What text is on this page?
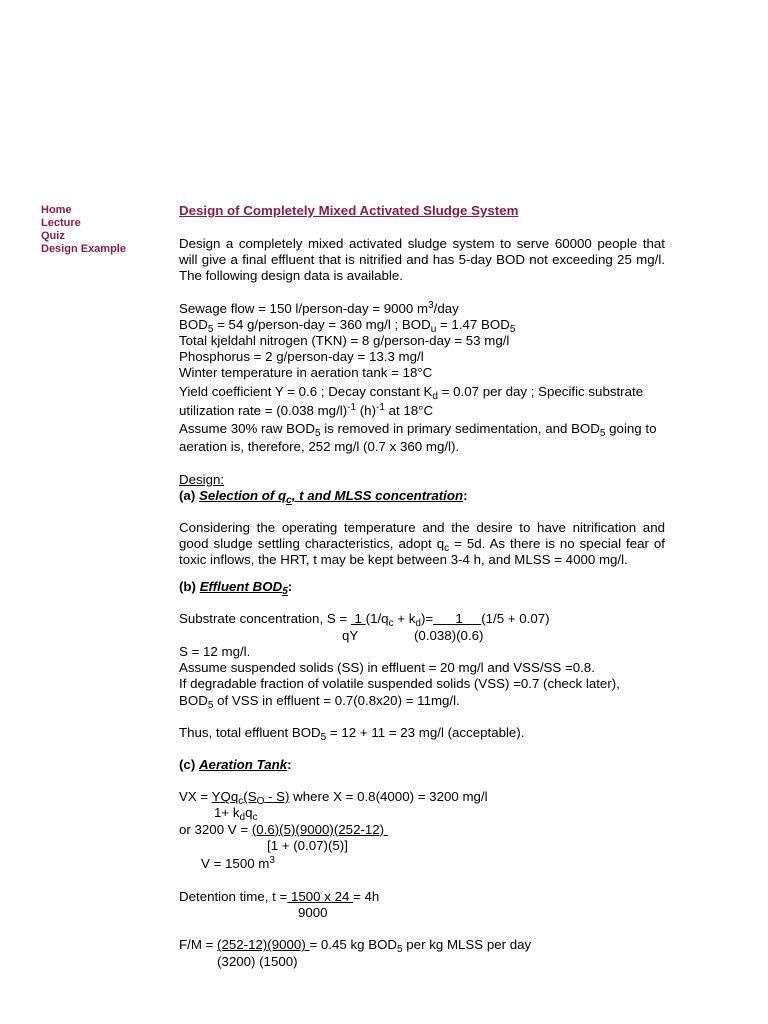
Home
Lecture
Quiz
Design Example
Design of Completely Mixed Activated Sludge System

Design a completely mixed activated sludge system to serve 60000 people that will give a final effluent that is nitrified and has 5-day BOD not exceeding 25 mg/l. The following design data is available.

Sewage flow = 150 l/person-day = 9000 $m^3$/day

$BOD_5 = 54$ g/person-day = 360 mg/l ; $BOD_u = 1.47$ $BOD_5$

Total kjeldahl nitrogen (TKN) = 8 g/person-day = 53 mg/l

Phosphorus = 2 g/person-day = 13.3 mg/l

Winter temperature in aeration tank = 18°C

Yield coefficient Y = 0.6 ; Decay constant $K_d = 0.07$ per day ; Specific substrate utilization rate = (0.038 mg/l)$^{-1}$ $(h)^{-1}$ at 18°C

Assume 30% raw $BOD_5$ is removed in primary sedimentation, and $BOD_5$ going to aeration is, therefore, 252 mg/l (0.7 x 360 mg/l).

Design:

(a) Selection of $q_c$, t and MLSS concentration:

Considering the operating temperature and the desire to have nitrification and good sludge settling characteristics, adopt $q_c = 5d$. As there is no special fear of toxic inflows, the HRT, t may be kept between 3-4 h, and MLSS = 4000 mg/l.

(b) Effluent $BOD_5$:

Substrate concentration, S =  1 $(1/q_c + k_d)=$      1     (1/5 + 0.07)

qY	(0.038)(0.6)

S = 12 mg/l.

Assume suspended solids (SS) in effluent = 20 mg/l and VSS/SS =0.8.

If degradable fraction of volatile suspended solids (VSS) =0.7 (check later),

$BOD_5$ of VSS in effluent = 0.7(0.8x20) = 11mg/l.

Thus, total effluent $BOD_5 = 12 + 11 = 23$ mg/l (acceptable).

(c) Aeration Tank:

VX = $YQq_c(S_O - S)$ where X = 0.8(4000) = 3200 mg/l

$1+ k_dq_c$

or 3200 V = (0.6)(5)(9000)(252-12)

[1 + (0.07)(5)]

V = 1500 $m^3$

Detention time, t = 1500 x 24 = 4h

9000

F/M = (252-12)(9000) = 0.45 kg $BOD_5$ per kg MLSS per day

(3200) (1500)
